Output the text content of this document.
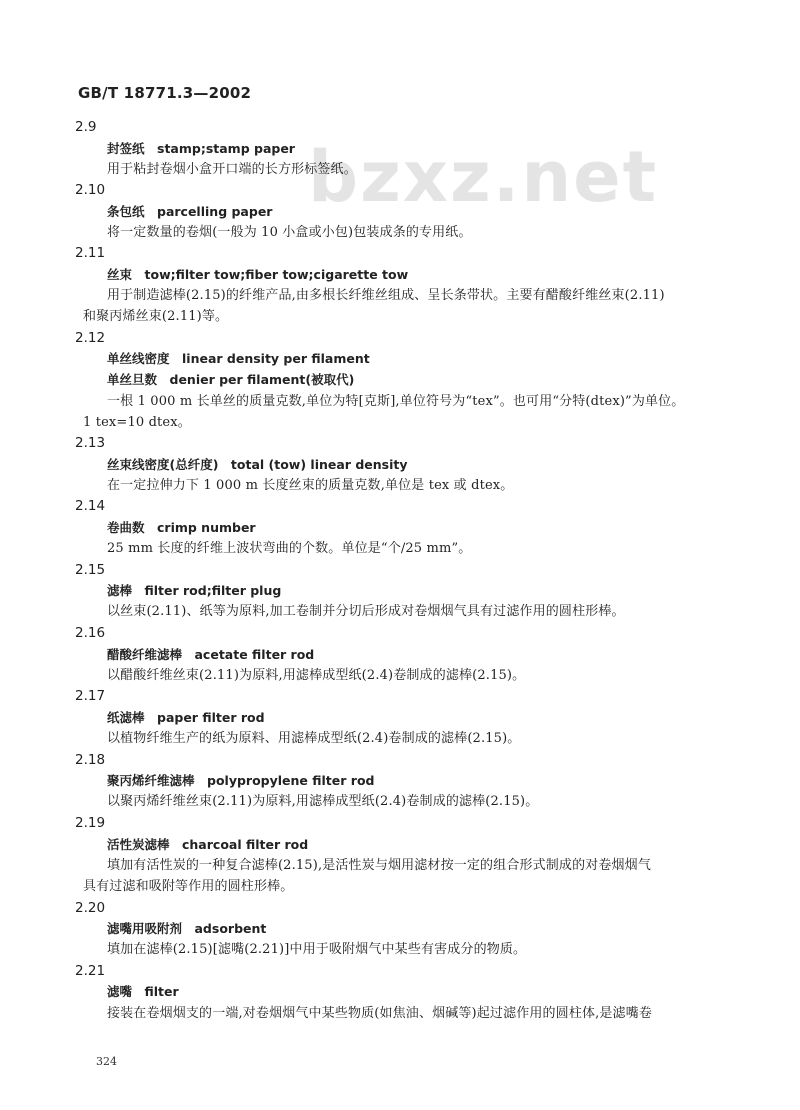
GB/T 18771.3—2002
bzxz.net
2.9
封签纸　stamp;stamp paper
用于粘封卷烟小盒开口端的长方形标签纸。
2.10
条包纸　parcelling paper
将一定数量的卷烟(一般为 10 小盒或小包)包装成条的专用纸。
2.11
丝束　tow;filter tow;fiber tow;cigarette tow
用于制造滤棒(2.15)的纤维产品,由多根长纤维丝组成、呈长条带状。主要有醋酸纤维丝束(2.11)
和聚丙烯丝束(2.11)等。
2.12
单丝线密度　linear density per filament
单丝旦数　denier per filament(被取代)
一根 1 000 m 长单丝的质量克数,单位为特[克斯],单位符号为“tex”。也可用“分特(dtex)”为单位。
1 tex=10 dtex。
2.13
丝束线密度(总纤度)　total (tow) linear density
在一定拉伸力下 1 000 m 长度丝束的质量克数,单位是 tex 或 dtex。
2.14
卷曲数　crimp number
25 mm 长度的纤维上波状弯曲的个数。单位是“个/25 mm”。
2.15
滤棒　filter rod;filter plug
以丝束(2.11)、纸等为原料,加工卷制并分切后形成对卷烟烟气具有过滤作用的圆柱形棒。
2.16
醋酸纤维滤棒　acetate filter rod
以醋酸纤维丝束(2.11)为原料,用滤棒成型纸(2.4)卷制成的滤棒(2.15)。
2.17
纸滤棒　paper filter rod
以植物纤维生产的纸为原料、用滤棒成型纸(2.4)卷制成的滤棒(2.15)。
2.18
聚丙烯纤维滤棒　polypropylene filter rod
以聚丙烯纤维丝束(2.11)为原料,用滤棒成型纸(2.4)卷制成的滤棒(2.15)。
2.19
活性炭滤棒　charcoal filter rod
填加有活性炭的一种复合滤棒(2.15),是活性炭与烟用滤材按一定的组合形式制成的对卷烟烟气
具有过滤和吸附等作用的圆柱形棒。
2.20
滤嘴用吸附剂　adsorbent
填加在滤棒(2.15)[滤嘴(2.21)]中用于吸附烟气中某些有害成分的物质。
2.21
滤嘴　filter
接装在卷烟烟支的一端,对卷烟烟气中某些物质(如焦油、烟碱等)起过滤作用的圆柱体,是滤嘴卷
324
